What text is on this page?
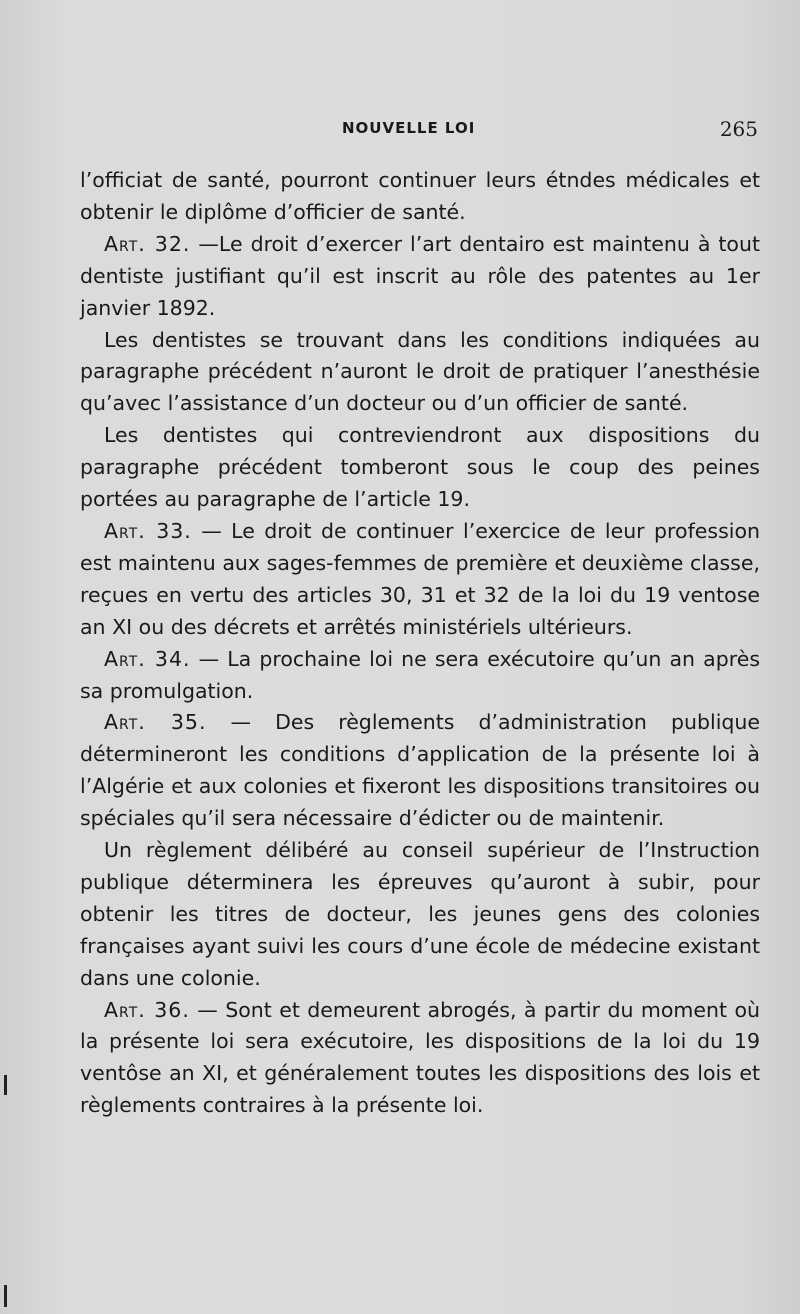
NOUVELLE LOI	265

l’officiat de santé, pourront continuer leurs étndes médicales et obtenir le diplôme d’officier de santé.

Art. 32. —Le droit d’exercer l’art dentairo est maintenu à tout dentiste justifiant qu’il est inscrit au rôle des patentes au 1er janvier 1892.

Les dentistes se trouvant dans les conditions indiquées au paragraphe précédent n’auront le droit de pratiquer l’anesthésie qu’avec l’assistance d’un docteur ou d’un officier de santé.

Les dentistes qui contreviendront aux dispositions du paragraphe précédent tomberont sous le coup des peines portées au paragraphe de l’article 19.

Art. 33. — Le droit de continuer l’exercice de leur profession est maintenu aux sages-femmes de première et deuxième classe, reçues en vertu des articles 30, 31 et 32 de la loi du 19 ventose an XI ou des décrets et arrêtés ministériels ultérieurs.

Art. 34. — La prochaine loi ne sera exécutoire qu’un an après sa promulgation.

Art. 35. — Des règlements d’administration publique détermineront les conditions d’application de la présente loi à l’Algérie et aux colonies et fixeront les dispositions transitoires ou spéciales qu’il sera nécessaire d’édicter ou de maintenir.

Un règlement délibéré au conseil supérieur de l’Instruction publique déterminera les épreuves qu’auront à subir, pour obtenir les titres de docteur, les jeunes gens des colonies françaises ayant suivi les cours d’une école de médecine existant dans une colonie.

Art. 36. — Sont et demeurent abrogés, à partir du moment où la présente loi sera exécutoire, les dispositions de la loi du 19 ventôse an XI, et généralement toutes les dispositions des lois et règlements contraires à la présente loi.
